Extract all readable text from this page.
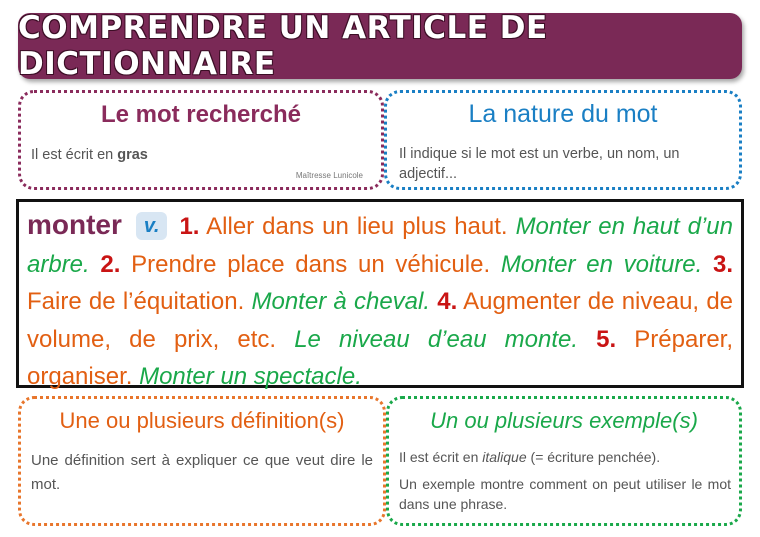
COMPRENDRE UN ARTICLE DE DICTIONNAIRE
Le mot recherché

Il est écrit en gras

Maîtresse Lunicole
La nature du mot

Il indique si le mot est un verbe, un nom, un adjectif...

monter v. 1. Aller dans un lieu plus haut. Monter en haut d’un arbre. 2. Prendre place dans un véhicule. Monter en voiture. 3. Faire de l’équitation. Monter à cheval. 4. Augmenter de niveau, de volume, de prix, etc. Le niveau d’eau monte. 5. Préparer, organiser. Monter un spectacle.
Une ou plusieurs définition(s)

Une définition sert à expliquer ce que veut dire le mot.

Un ou plusieurs exemple(s)

Il est écrit en italique (= écriture penchée).

Un exemple montre comment on peut utiliser le mot dans une phrase.
